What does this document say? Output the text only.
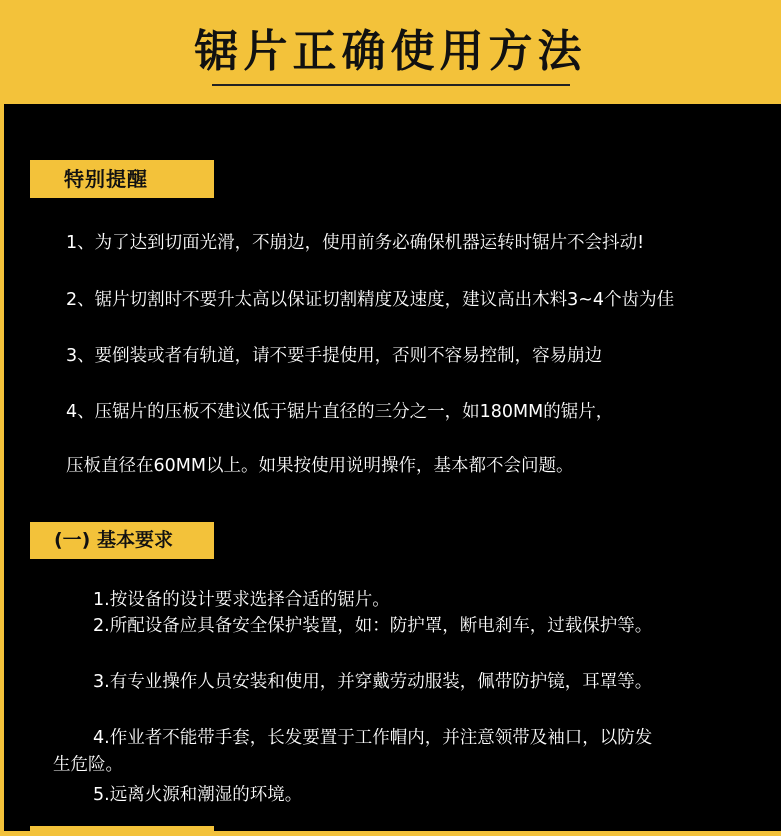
锯片正确使用方法
特别提醒

1、为了达到切面光滑，不崩边，使用前务必确保机器运转时锯片不会抖动!

2、锯片切割时不要升太高以保证切割精度及速度，建议高出木料3~4个齿为佳

3、要倒装或者有轨道，请不要手提使用，否则不容易控制，容易崩边

4、压锯片的压板不建议低于锯片直径的三分之一，如180MM的锯片，

压板直径在60MM以上。如果按使用说明操作，基本都不会问题。

(一) 基本要求

1.按设备的设计要求选择合适的锯片。

2.所配设备应具备安全保护装置，如：防护罩，断电刹车，过载保护等。

3.有专业操作人员安装和使用，并穿戴劳动服装，佩带防护镜，耳罩等。

4.作业者不能带手套，长发要置于工作帽内，并注意领带及袖口，以防发

生危险。

5.远离火源和潮湿的环境。
